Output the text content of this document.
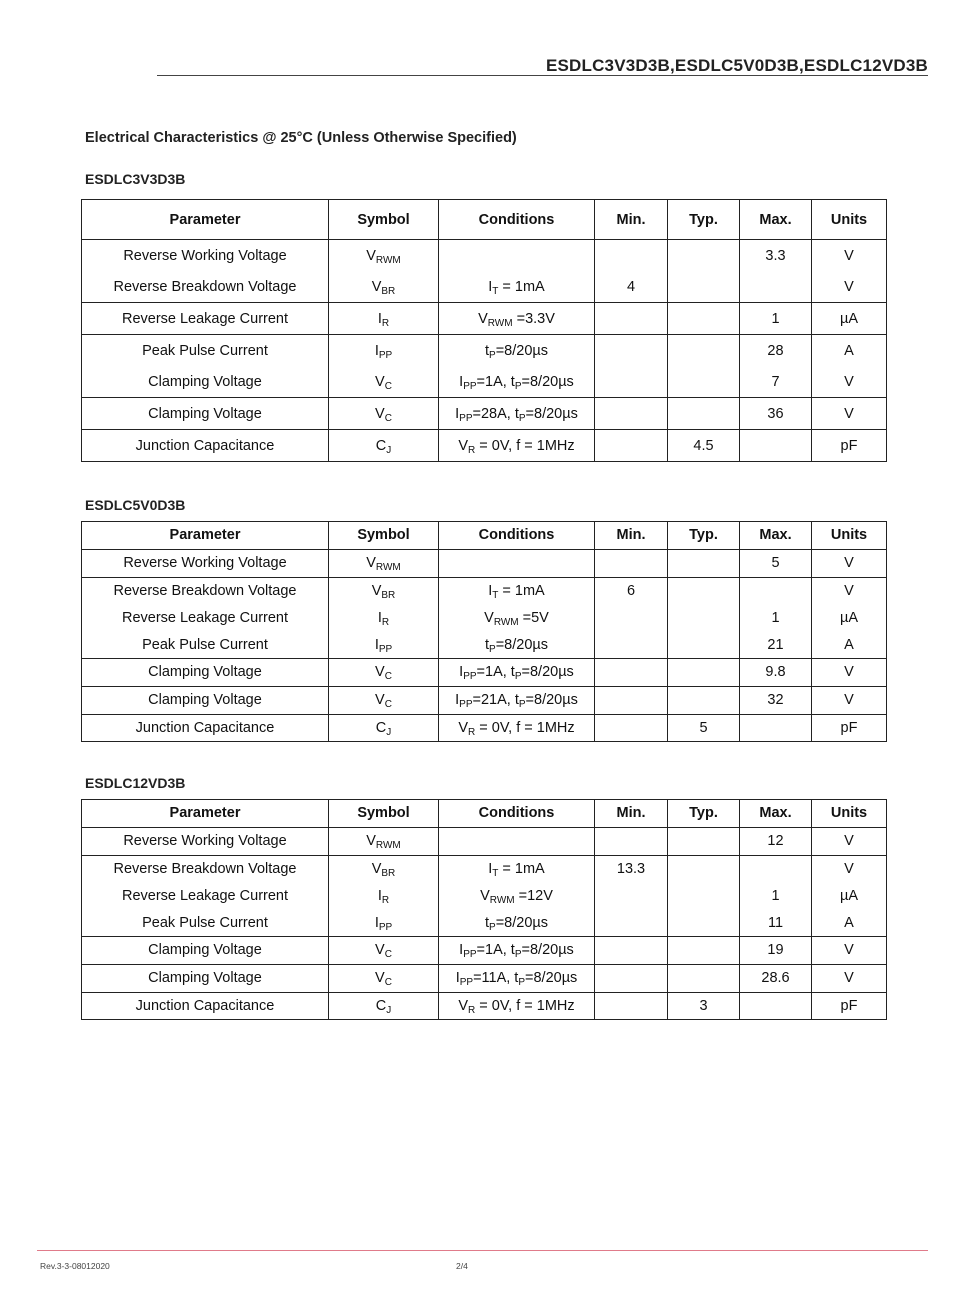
ESDLC3V3D3B,ESDLC5V0D3B,ESDLC12VD3B
Electrical Characteristics @ 25°C (Unless Otherwise Specified)
ESDLC3V3D3B
Parameter	Symbol	Conditions	Min.	Typ.	Max.	Units
Reverse Working Voltage	$V_{RWM}$				3.3	V
Reverse Breakdown Voltage	$V_{BR}$	$I_T = 1mA$	4			V
Reverse Leakage Current	$I_R$	$V_{RWM} =3.3V$			1	µA
Peak Pulse Current	$I_{PP}$	$t_P=8/20\mu s$			28	A
Clamping Voltage	$V_C$	$I_{PP}=1A$, $t_P=8/20\mu s$			7	V
Clamping Voltage	$V_C$	$I_{PP}=28A$, $t_P=8/20\mu s$			36	V
Junction Capacitance	$C_J$	$V_R = 0V$, f = 1MHz		4.5		pF
ESDLC5V0D3B
Parameter	Symbol	Conditions	Min.	Typ.	Max.	Units
Reverse Working Voltage	$V_{RWM}$				5	V
Reverse Breakdown Voltage	$V_{BR}$	$I_T = 1mA$	6			V
Reverse Leakage Current	$I_R$	$V_{RWM} =5V$			1	µA
Peak Pulse Current	$I_{PP}$	$t_P=8/20\mu s$			21	A
Clamping Voltage	$V_C$	$I_{PP}=1A$, $t_P=8/20\mu s$			9.8	V
Clamping Voltage	$V_C$	$I_{PP}=21A$, $t_P=8/20\mu s$			32	V
Junction Capacitance	$C_J$	$V_R = 0V$, f = 1MHz		5		pF
ESDLC12VD3B
Parameter	Symbol	Conditions	Min.	Typ.	Max.	Units
Reverse Working Voltage	$V_{RWM}$				12	V
Reverse Breakdown Voltage	$V_{BR}$	$I_T = 1mA$	13.3			V
Reverse Leakage Current	$I_R$	$V_{RWM} =12V$			1	µA
Peak Pulse Current	$I_{PP}$	$t_P=8/20\mu s$			11	A
Clamping Voltage	$V_C$	$I_{PP}=1A$, $t_P=8/20\mu s$			19	V
Clamping Voltage	$V_C$	$I_{PP}=11A$, $t_P=8/20\mu s$			28.6	V
Junction Capacitance	$C_J$	$V_R = 0V$, f = 1MHz		3		pF
Rev.3-3-08012020	2/4
